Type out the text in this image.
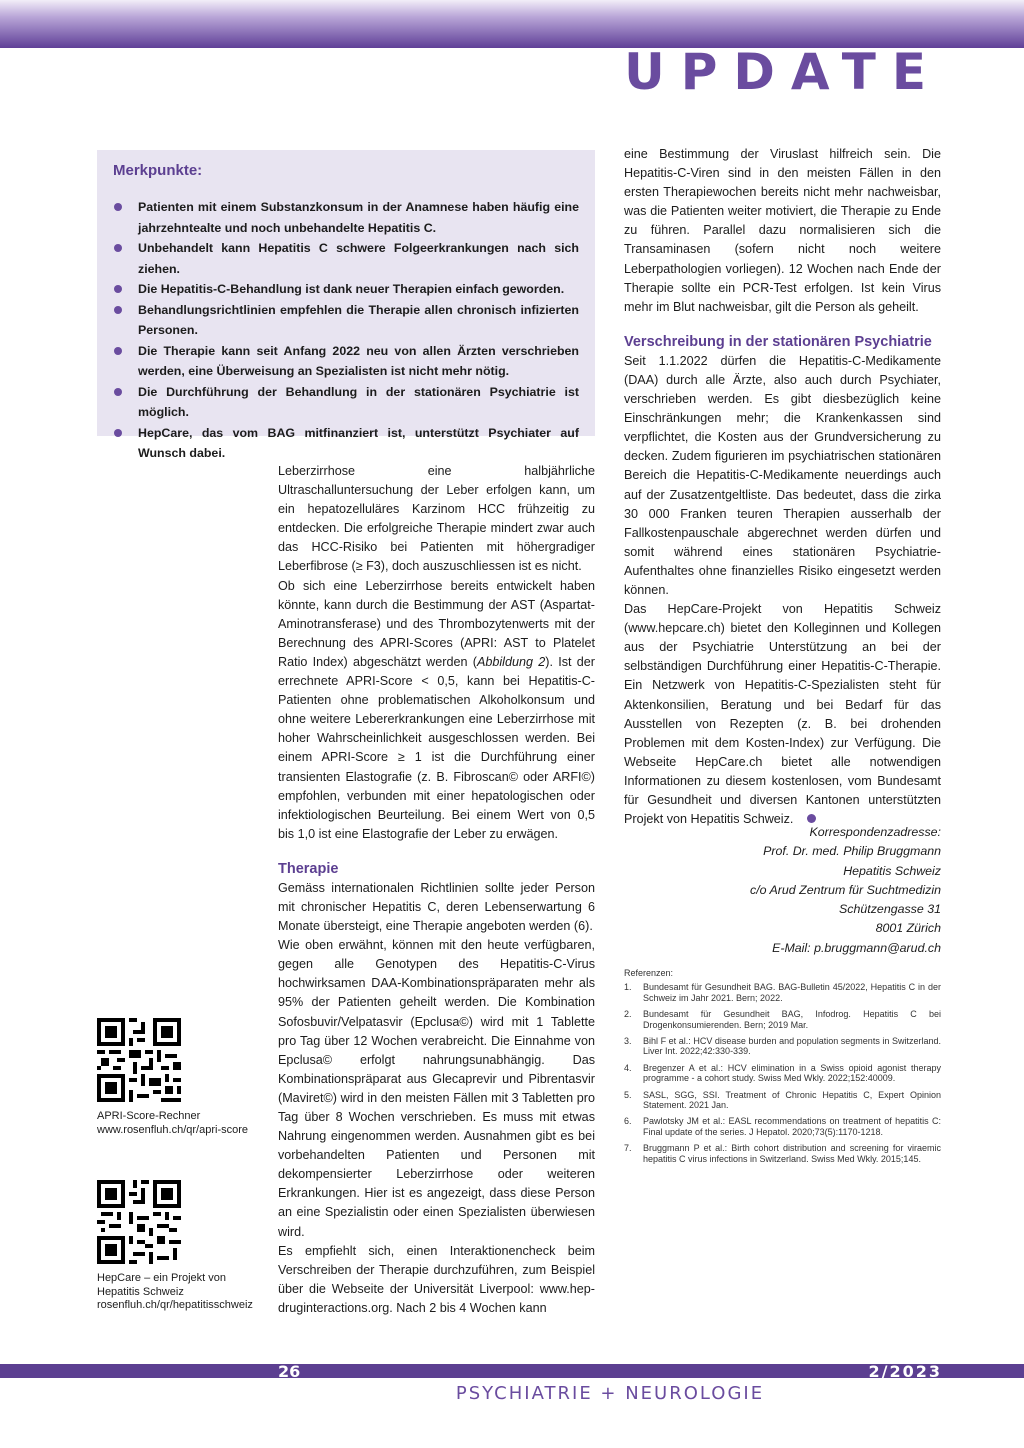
UPDATE
Merkpunkte:
Patienten mit einem Substanzkonsum in der Anamnese haben häufig eine jahrzehntealte und noch unbehandelte Hepatitis C.
Unbehandelt kann Hepatitis C schwere Folgeerkrankungen nach sich ziehen.
Die Hepatitis-C-Behandlung ist dank neuer Therapien einfach geworden.
Behandlungsrichtlinien empfehlen die Therapie allen chronisch infizierten Personen.
Die Therapie kann seit Anfang 2022 neu von allen Ärzten verschrieben werden, eine Überweisung an Spezialisten ist nicht mehr nötig.
Die Durchführung der Behandlung in der stationären Psychiatrie ist möglich.
HepCare, das vom BAG mitfinanziert ist, unterstützt Psychiater auf Wunsch dabei.

Leberzirrhose eine halbjährliche Ultraschalluntersuchung der Leber erfolgen kann, um ein hepatozelluläres Karzinom HCC frühzeitig zu entdecken. Die erfolgreiche Therapie mindert zwar auch das HCC-Risiko bei Patienten mit höhergradiger Leberfibrose (≥ F3), doch auszuschliessen ist es nicht.

Ob sich eine Leberzirrhose bereits entwickelt haben könnte, kann durch die Bestimmung der AST (Aspartat-Aminotransferase) und des Thrombozytenwerts mit der Berechnung des APRI-Scores (APRI: AST to Platelet Ratio Index) abgeschätzt werden (Abbildung 2). Ist der errechnete APRI-Score < 0,5, kann bei Hepatitis-C-Patienten ohne problematischen Alkoholkonsum und ohne weitere Lebererkrankungen eine Leberzirrhose mit hoher Wahrscheinlichkeit ausgeschlossen werden. Bei einem APRI-Score ≥ 1 ist die Durchführung einer transienten Elastografie (z. B. Fibroscan© oder ARFI©) empfohlen, verbunden mit einer hepatologischen oder infektiologischen Beurteilung. Bei einem Wert von 0,5 bis 1,0 ist eine Elastografie der Leber zu erwägen.

Therapie

Gemäss internationalen Richtlinien sollte jeder Person mit chronischer Hepatitis C, deren Lebenserwartung 6 Monate übersteigt, eine Therapie angeboten werden (6).

Wie oben erwähnt, können mit den heute verfügbaren, gegen alle Genotypen des Hepatitis-C-Virus hochwirksamen DAA-Kombinationspräparaten mehr als 95% der Patienten geheilt werden. Die Kombination Sofosbuvir/Velpatasvir (Epclusa©) wird mit 1 Tablette pro Tag über 12 Wochen verabreicht. Die Einnahme von Epclusa© erfolgt nahrungsunabhängig. Das Kombinationspräparat aus Glecaprevir und Pibrentasvir (Maviret©) wird in den meisten Fällen mit 3 Tabletten pro Tag über 8 Wochen verschrieben. Es muss mit etwas Nahrung eingenommen werden. Ausnahmen gibt es bei vorbehandelten Patienten und Personen mit dekompensierter Leberzirrhose oder weiteren Erkrankungen. Hier ist es angezeigt, dass diese Person an eine Spezialistin oder einen Spezialisten überwiesen wird.

Es empfiehlt sich, einen Interaktionencheck beim Verschreiben der Therapie durchzuführen, zum Beispiel über die Webseite der Universität Liverpool: www.hep-druginteractions.org. Nach 2 bis 4 Wochen kann

eine Bestimmung der Viruslast hilfreich sein. Die Hepatitis-C-Viren sind in den meisten Fällen in den ersten Therapiewochen bereits nicht mehr nachweisbar, was die Patienten weiter motiviert, die Therapie zu Ende zu führen. Parallel dazu normalisieren sich die Transaminasen (sofern nicht noch weitere Leberpathologien vorliegen). 12 Wochen nach Ende der Therapie sollte ein PCR-Test erfolgen. Ist kein Virus mehr im Blut nachweisbar, gilt die Person als geheilt.

Verschreibung in der stationären Psychiatrie

Seit 1.1.2022 dürfen die Hepatitis-C-Medikamente (DAA) durch alle Ärzte, also auch durch Psychiater, verschrieben werden. Es gibt diesbezüglich keine Einschränkungen mehr; die Krankenkassen sind verpflichtet, die Kosten aus der Grundversicherung zu decken. Zudem figurieren im psychiatrischen stationären Bereich die Hepatitis-C-Medikamente neuerdings auch auf der Zusatzentgeltliste. Das bedeutet, dass die zirka 30 000 Franken teuren Therapien ausserhalb der Fallkostenpauschale abgerechnet werden dürfen und somit während eines stationären Psychiatrie-Aufenthaltes ohne finanzielles Risiko eingesetzt werden können.

Das HepCare-Projekt von Hepatitis Schweiz (www.hepcare.ch) bietet den Kolleginnen und Kollegen aus der Psychiatrie Unterstützung an bei der selbständigen Durchführung einer Hepatitis-C-Therapie. Ein Netzwerk von Hepatitis-C-Spezialisten steht für Aktenkonsilien, Beratung und bei Bedarf für das Ausstellen von Rezepten (z. B. bei drohenden Problemen mit dem Kosten-Index) zur Verfügung. Die Webseite HepCare.ch bietet alle notwendigen Informationen zu diesem kostenlosen, vom Bundesamt für Gesundheit und diversen Kantonen unterstützten Projekt von Hepatitis Schweiz.

Korrespondenzadresse:
Prof. Dr. med. Philip Bruggmann
Hepatitis Schweiz
c/o Arud Zentrum für Suchtmedizin
Schützengasse 31
8001 Zürich
E-Mail: p.bruggmann@arud.ch
Referenzen:
1.	Bundesamt für Gesundheit BAG. BAG-Bulletin 45/2022, Hepatitis C in der Schweiz im Jahr 2021. Bern; 2022.
2.	Bundesamt für Gesundheit BAG, Infodrog. Hepatitis C bei Drogenkonsumierenden. Bern; 2019 Mar.
3.	Bihl F et al.: HCV disease burden and population segments in Switzerland. Liver Int. 2022;42:330-339.
4.	Bregenzer A et al.: HCV elimination in a Swiss opioid agonist therapy programme - a cohort study. Swiss Med Wkly. 2022;152:40009.
5.	SASL, SGG, SSI. Treatment of Chronic Hepatitis C, Expert Opinion Statement. 2021 Jan.
6.	Pawlotsky JM et al.: EASL recommendations on treatment of hepatitis C: Final update of the series. J Hepatol. 2020;73(5):1170-1218.
7.	Bruggmann P et al.: Birth cohort distribution and screening for viraemic hepatitis C virus infections in Switzerland. Swiss Med Wkly. 2015;145.
APRI-Score-Rechner
www.rosenfluh.ch/qr/apri-score
HepCare – ein Projekt von
Hepatitis Schweiz
rosenfluh.ch/qr/hepatitisschweiz
26	2/2023
PSYCHIATRIE + NEUROLOGIE
